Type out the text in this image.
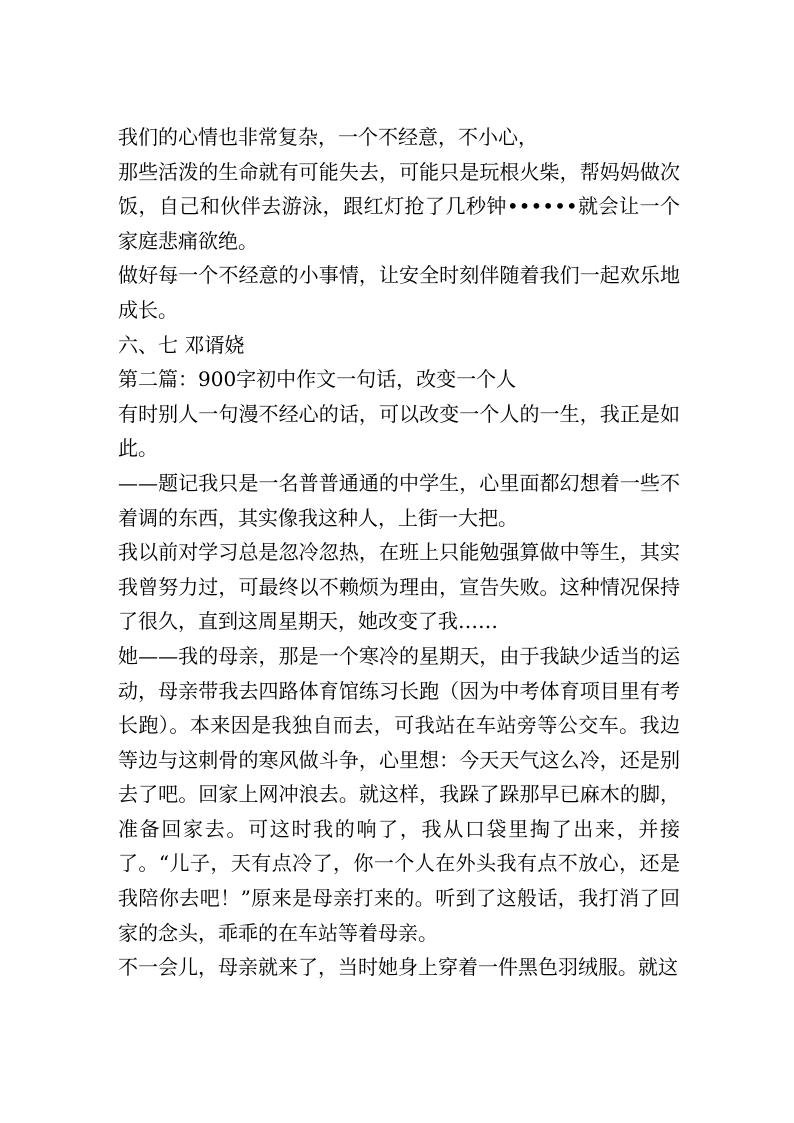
我们的心情也非常复杂，一个不经意，不小心，

那些活泼的生命就有可能失去，可能只是玩根火柴，帮妈妈做次饭，自己和伙伴去游泳，跟红灯抢了几秒钟••••••就会让一个家庭悲痛欲绝。

做好每一个不经意的小事情，让安全时刻伴随着我们一起欢乐地成长。

六、七 邓谞娆

第二篇：900字初中作文一句话，改变一个人

有时别人一句漫不经心的话，可以改变一个人的一生，我正是如此。

——题记我只是一名普普通通的中学生，心里面都幻想着一些不着调的东西，其实像我这种人，上街一大把。

我以前对学习总是忽冷忽热，在班上只能勉强算做中等生，其实我曾努力过，可最终以不赖烦为理由，宣告失败。这种情况保持了很久，直到这周星期天，她改变了我……

她——我的母亲，那是一个寒冷的星期天，由于我缺少适当的运动，母亲带我去四路体育馆练习长跑（因为中考体育项目里有考长跑）。本来因是我独自而去，可我站在车站旁等公交车。我边等边与这刺骨的寒风做斗争，心里想：今天天气这么冷，还是别去了吧。回家上网冲浪去。就这样，我跺了跺那早已麻木的脚，准备回家去。可这时我的响了，我从口袋里掏了出来，并接了。“儿子，天有点冷了，你一个人在外头我有点不放心，还是我陪你去吧！”原来是母亲打来的。听到了这般话，我打消了回家的念头，乖乖的在车站等着母亲。

不一会儿，母亲就来了，当时她身上穿着一件黑色羽绒服。就这
